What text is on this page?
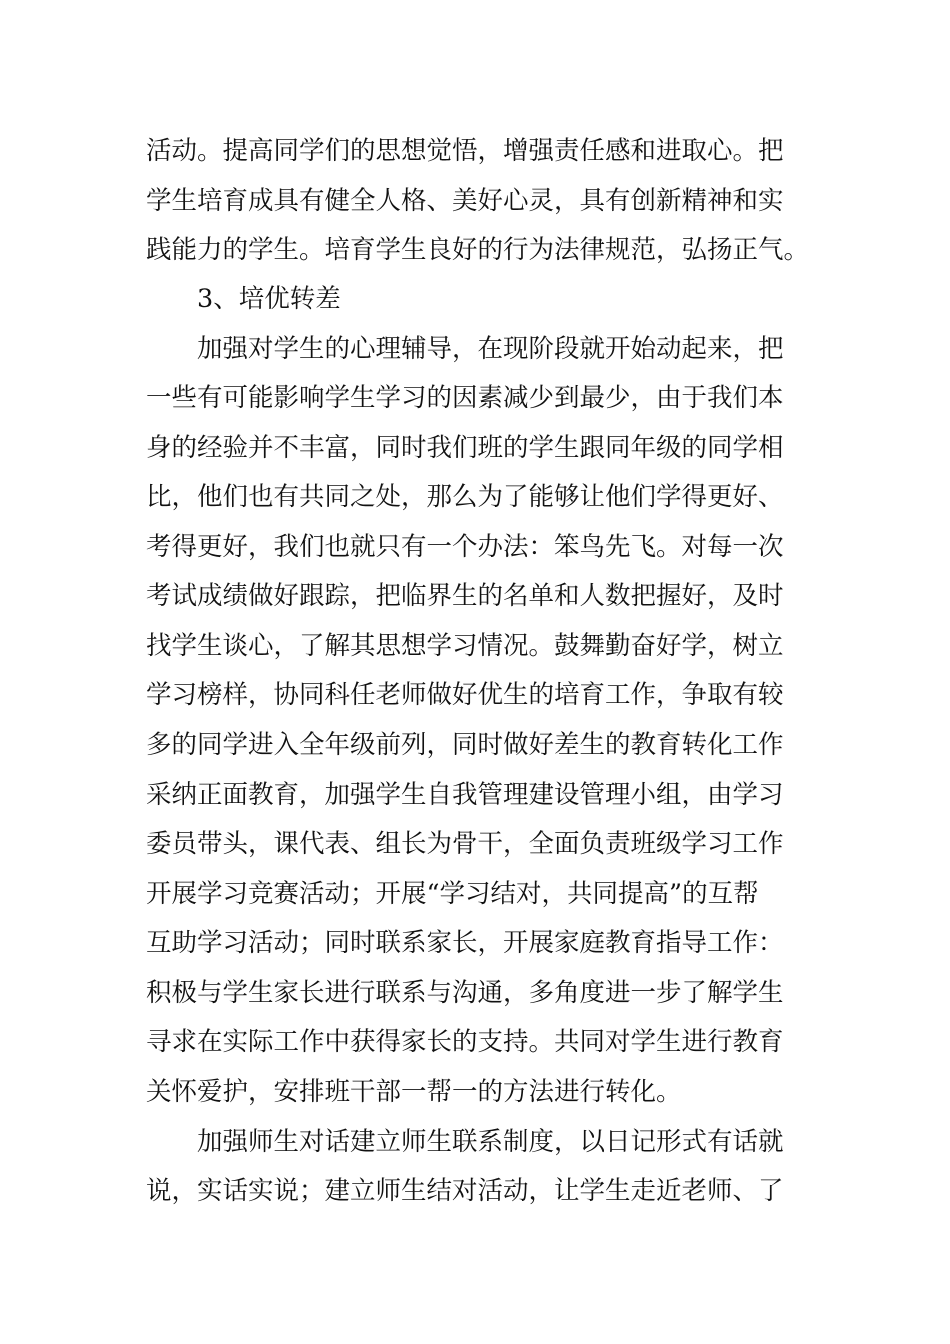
活动。提高同学们的思想觉悟，增强责任感和进取心。把
学生培育成具有健全人格、美好心灵，具有创新精神和实
践能力的学生。培育学生良好的行为法律规范，弘扬正气。
3、培优转差
加强对学生的心理辅导，在现阶段就开始动起来，把
一些有可能影响学生学习的因素减少到最少，由于我们本
身的经验并不丰富，同时我们班的学生跟同年级的同学相
比，他们也有共同之处，那么为了能够让他们学得更好、
考得更好，我们也就只有一个办法：笨鸟先飞。对每一次
考试成绩做好跟踪，把临界生的名单和人数把握好，及时
找学生谈心，了解其思想学习情况。鼓舞勤奋好学，树立
学习榜样，协同科任老师做好优生的培育工作，争取有较
多的同学进入全年级前列，同时做好差生的教育转化工作
采纳正面教育，加强学生自我管理建设管理小组，由学习
委员带头，课代表、组长为骨干，全面负责班级学习工作
开展学习竞赛活动；开展“学习结对，共同提高”的互帮
互助学习活动；同时联系家长，开展家庭教育指导工作：
积极与学生家长进行联系与沟通，多角度进一步了解学生
寻求在实际工作中获得家长的支持。共同对学生进行教育
关怀爱护，安排班干部一帮一的方法进行转化。
加强师生对话建立师生联系制度，以日记形式有话就
说，实话实说；建立师生结对活动，让学生走近老师、了
